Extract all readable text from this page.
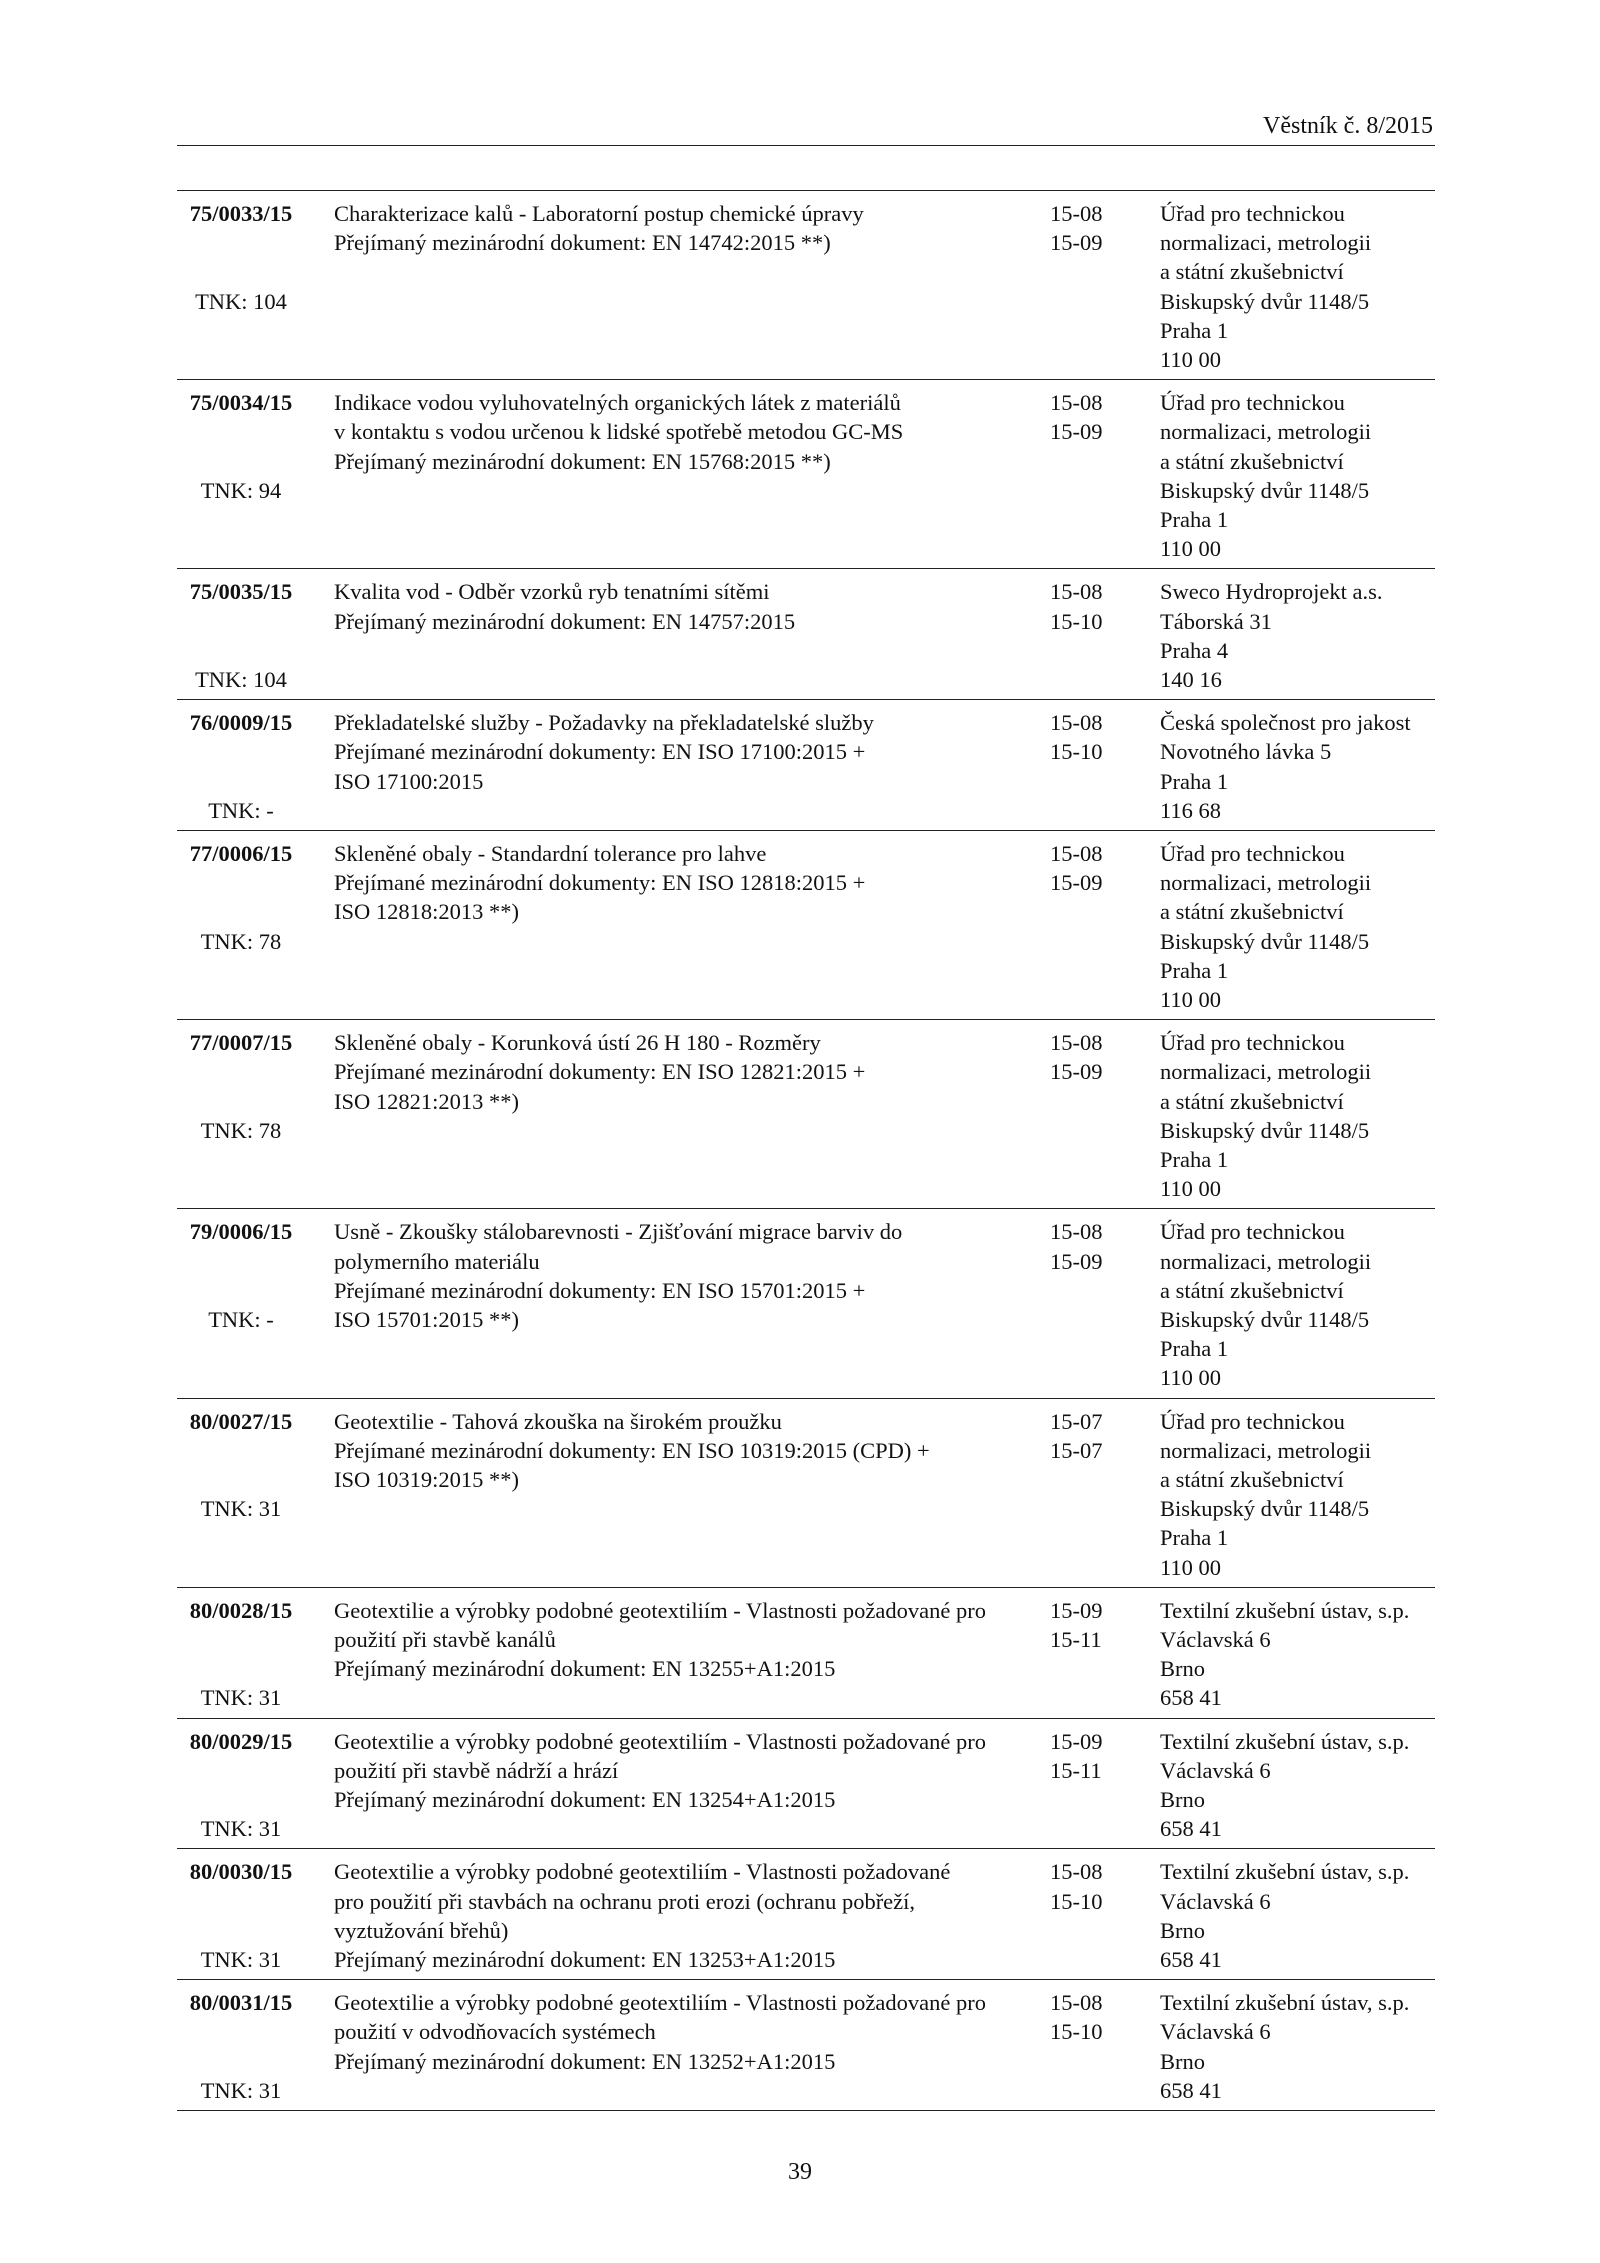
Věstník č. 8/2015
75/0033/15
TNK: 104
Charakterizace kalů - Laboratorní postup chemické úpravy
Přejímaný mezinárodní dokument: EN 14742:2015 **)
15-08
15-09
Úřad pro technickou
normalizaci, metrologii
a státní zkušebnictví
Biskupský dvůr 1148/5
Praha 1
110 00
75/0034/15
TNK: 94
Indikace vodou vyluhovatelných organických látek z materiálů
v kontaktu s vodou určenou k lidské spotřebě metodou GC-MS
Přejímaný mezinárodní dokument: EN 15768:2015 **)
15-08
15-09
Úřad pro technickou
normalizaci, metrologii
a státní zkušebnictví
Biskupský dvůr 1148/5
Praha 1
110 00
75/0035/15
TNK: 104
Kvalita vod - Odběr vzorků ryb tenatními sítěmi
Přejímaný mezinárodní dokument: EN 14757:2015
15-08
15-10
Sweco Hydroprojekt a.s.
Táborská 31
Praha 4
140 16
76/0009/15
TNK: -
Překladatelské služby - Požadavky na překladatelské služby
Přejímané mezinárodní dokumenty: EN ISO 17100:2015 +
ISO 17100:2015
15-08
15-10
Česká společnost pro jakost
Novotného lávka 5
Praha 1
116 68
77/0006/15
TNK: 78
Skleněné obaly - Standardní tolerance pro lahve
Přejímané mezinárodní dokumenty: EN ISO 12818:2015 +
ISO 12818:2013 **)
15-08
15-09
Úřad pro technickou
normalizaci, metrologii
a státní zkušebnictví
Biskupský dvůr 1148/5
Praha 1
110 00
77/0007/15
TNK: 78
Skleněné obaly - Korunková ústí 26 H 180 - Rozměry
Přejímané mezinárodní dokumenty: EN ISO 12821:2015 +
ISO 12821:2013 **)
15-08
15-09
Úřad pro technickou
normalizaci, metrologii
a státní zkušebnictví
Biskupský dvůr 1148/5
Praha 1
110 00
79/0006/15
TNK: -
Usně - Zkoušky stálobarevnosti - Zjišťování migrace barviv do
polymerního materiálu
Přejímané mezinárodní dokumenty: EN ISO 15701:2015 +
ISO 15701:2015 **)
15-08
15-09
Úřad pro technickou
normalizaci, metrologii
a státní zkušebnictví
Biskupský dvůr 1148/5
Praha 1
110 00
80/0027/15
TNK: 31
Geotextilie - Tahová zkouška na širokém proužku
Přejímané mezinárodní dokumenty: EN ISO 10319:2015 (CPD) +
ISO 10319:2015 **)
15-07
15-07
Úřad pro technickou
normalizaci, metrologii
a státní zkušebnictví
Biskupský dvůr 1148/5
Praha 1
110 00
80/0028/15
TNK: 31
Geotextilie a výrobky podobné geotextiliím - Vlastnosti požadované pro
použití při stavbě kanálů
Přejímaný mezinárodní dokument: EN 13255+A1:2015
15-09
15-11
Textilní zkušební ústav, s.p.
Václavská 6
Brno
658 41
80/0029/15
TNK: 31
Geotextilie a výrobky podobné geotextiliím - Vlastnosti požadované pro
použití při stavbě nádrží a hrází
Přejímaný mezinárodní dokument: EN 13254+A1:2015
15-09
15-11
Textilní zkušební ústav, s.p.
Václavská 6
Brno
658 41
80/0030/15
TNK: 31
Geotextilie a výrobky podobné geotextiliím - Vlastnosti požadované
pro použití při stavbách na ochranu proti erozi (ochranu pobřeží,
vyztužování břehů)
Přejímaný mezinárodní dokument: EN 13253+A1:2015
15-08
15-10
Textilní zkušební ústav, s.p.
Václavská 6
Brno
658 41
80/0031/15
TNK: 31
Geotextilie a výrobky podobné geotextiliím - Vlastnosti požadované pro
použití v odvodňovacích systémech
Přejímaný mezinárodní dokument: EN 13252+A1:2015
15-08
15-10
Textilní zkušební ústav, s.p.
Václavská 6
Brno
658 41
39
